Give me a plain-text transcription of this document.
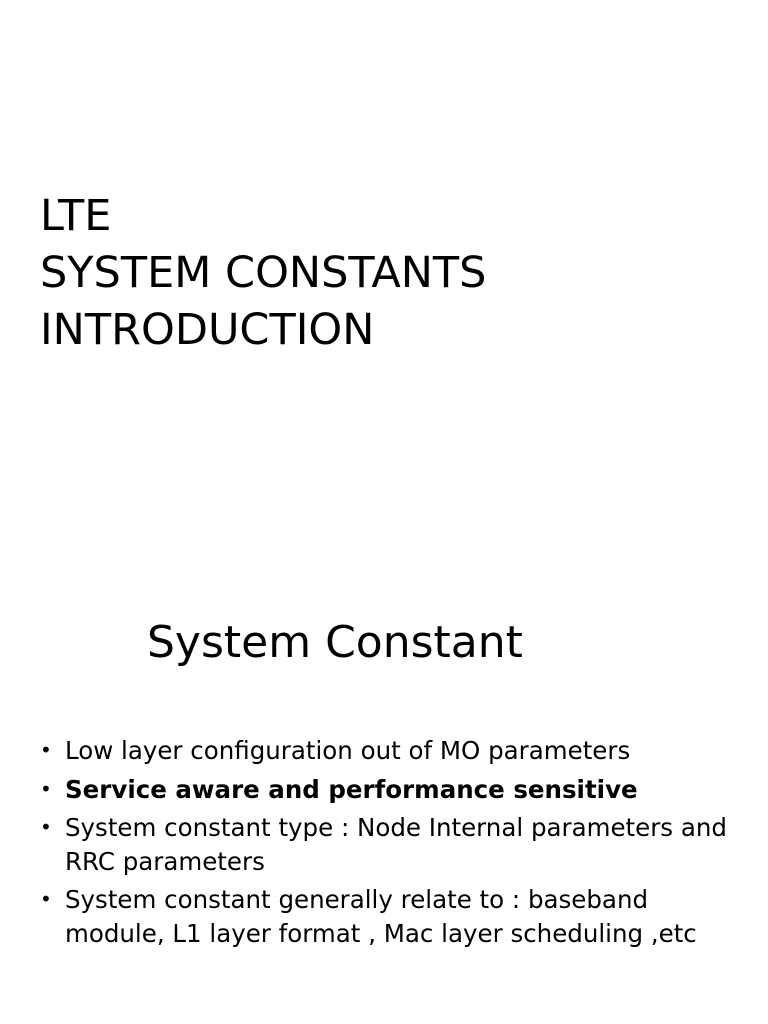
LTE
SYSTEM CONSTANTS
INTRODUCTION
System Constant
• Low layer configuration out of MO parameters
• Service aware and performance sensitive
• System constant type : Node Internal parameters and RRC parameters
• System constant generally relate to : baseband module, L1 layer format , Mac layer scheduling ,etc
